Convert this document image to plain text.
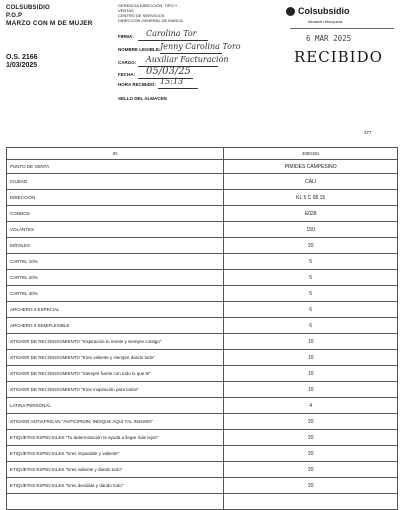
COLSUBSIDIO
P.O.P
MARZO CON M DE MUJER
O.S. 2166
1/03/2025
GERENCIA DIRECCIÓN, TIPO Y
VENTAS
CENTRO DE SERVICIOS
DIRECCIÓN GENERAL DE MARCA
FIRMA: Carolina Tor
NOMBRE LEGIBLE: Jenny Carolina Toro
CARGO: Auxiliar Facturación
FECHA: 05/03/25
HORA RECIBIDO: 15:13
SELLO DEL ALMACEN
Colsubsidio
Almacén Mosquera
6 MAR 2025
RECIBIDO
377
ID	4060181
PUNTO DE VENTA	PIMIDES CAMPESINO
CIUDAD	CALI
DIRECCIÓN	KL 5 C 08 15
CONDOS	E028
VOLANTES	150
MÓVILES	20
CARTEL 10%	5
CARTEL 20%	5
CARTEL 30%	5
ARCHERO 4 ESPECIAL	6
ARCHERO 4 SEMIFLEXIBLE	6
STICKER DE RECONOCIMIENTO "Inspiración tu mente y siempre contigo"	10
STICKER DE RECONOCIMIENTO "Eres valiente y siempre dando todo"	10
STICKER DE RECONOCIMIENTO "Siempre fuerte con todo lo que te"	10
STICKER DE RECONOCIMIENTO "Eres inspiración para todos"	10
LATINA PERSONAL	4
STICKER ANTIAFRICAN "ANTICIPIDIN, INDIQUE AQUÍ TAL INSUMO"	20
ETIQUETAS ESPECIALES "Tu determinación te ayuda a llegar más lejos"	20
ETIQUETAS ESPECIALES "Eres imparable y valiente"	20
ETIQUETAS ESPECIALES "Eres valiente y dando todo"	20
ETIQUETAS ESPECIALES "Eres decidida y dando todo"	20
